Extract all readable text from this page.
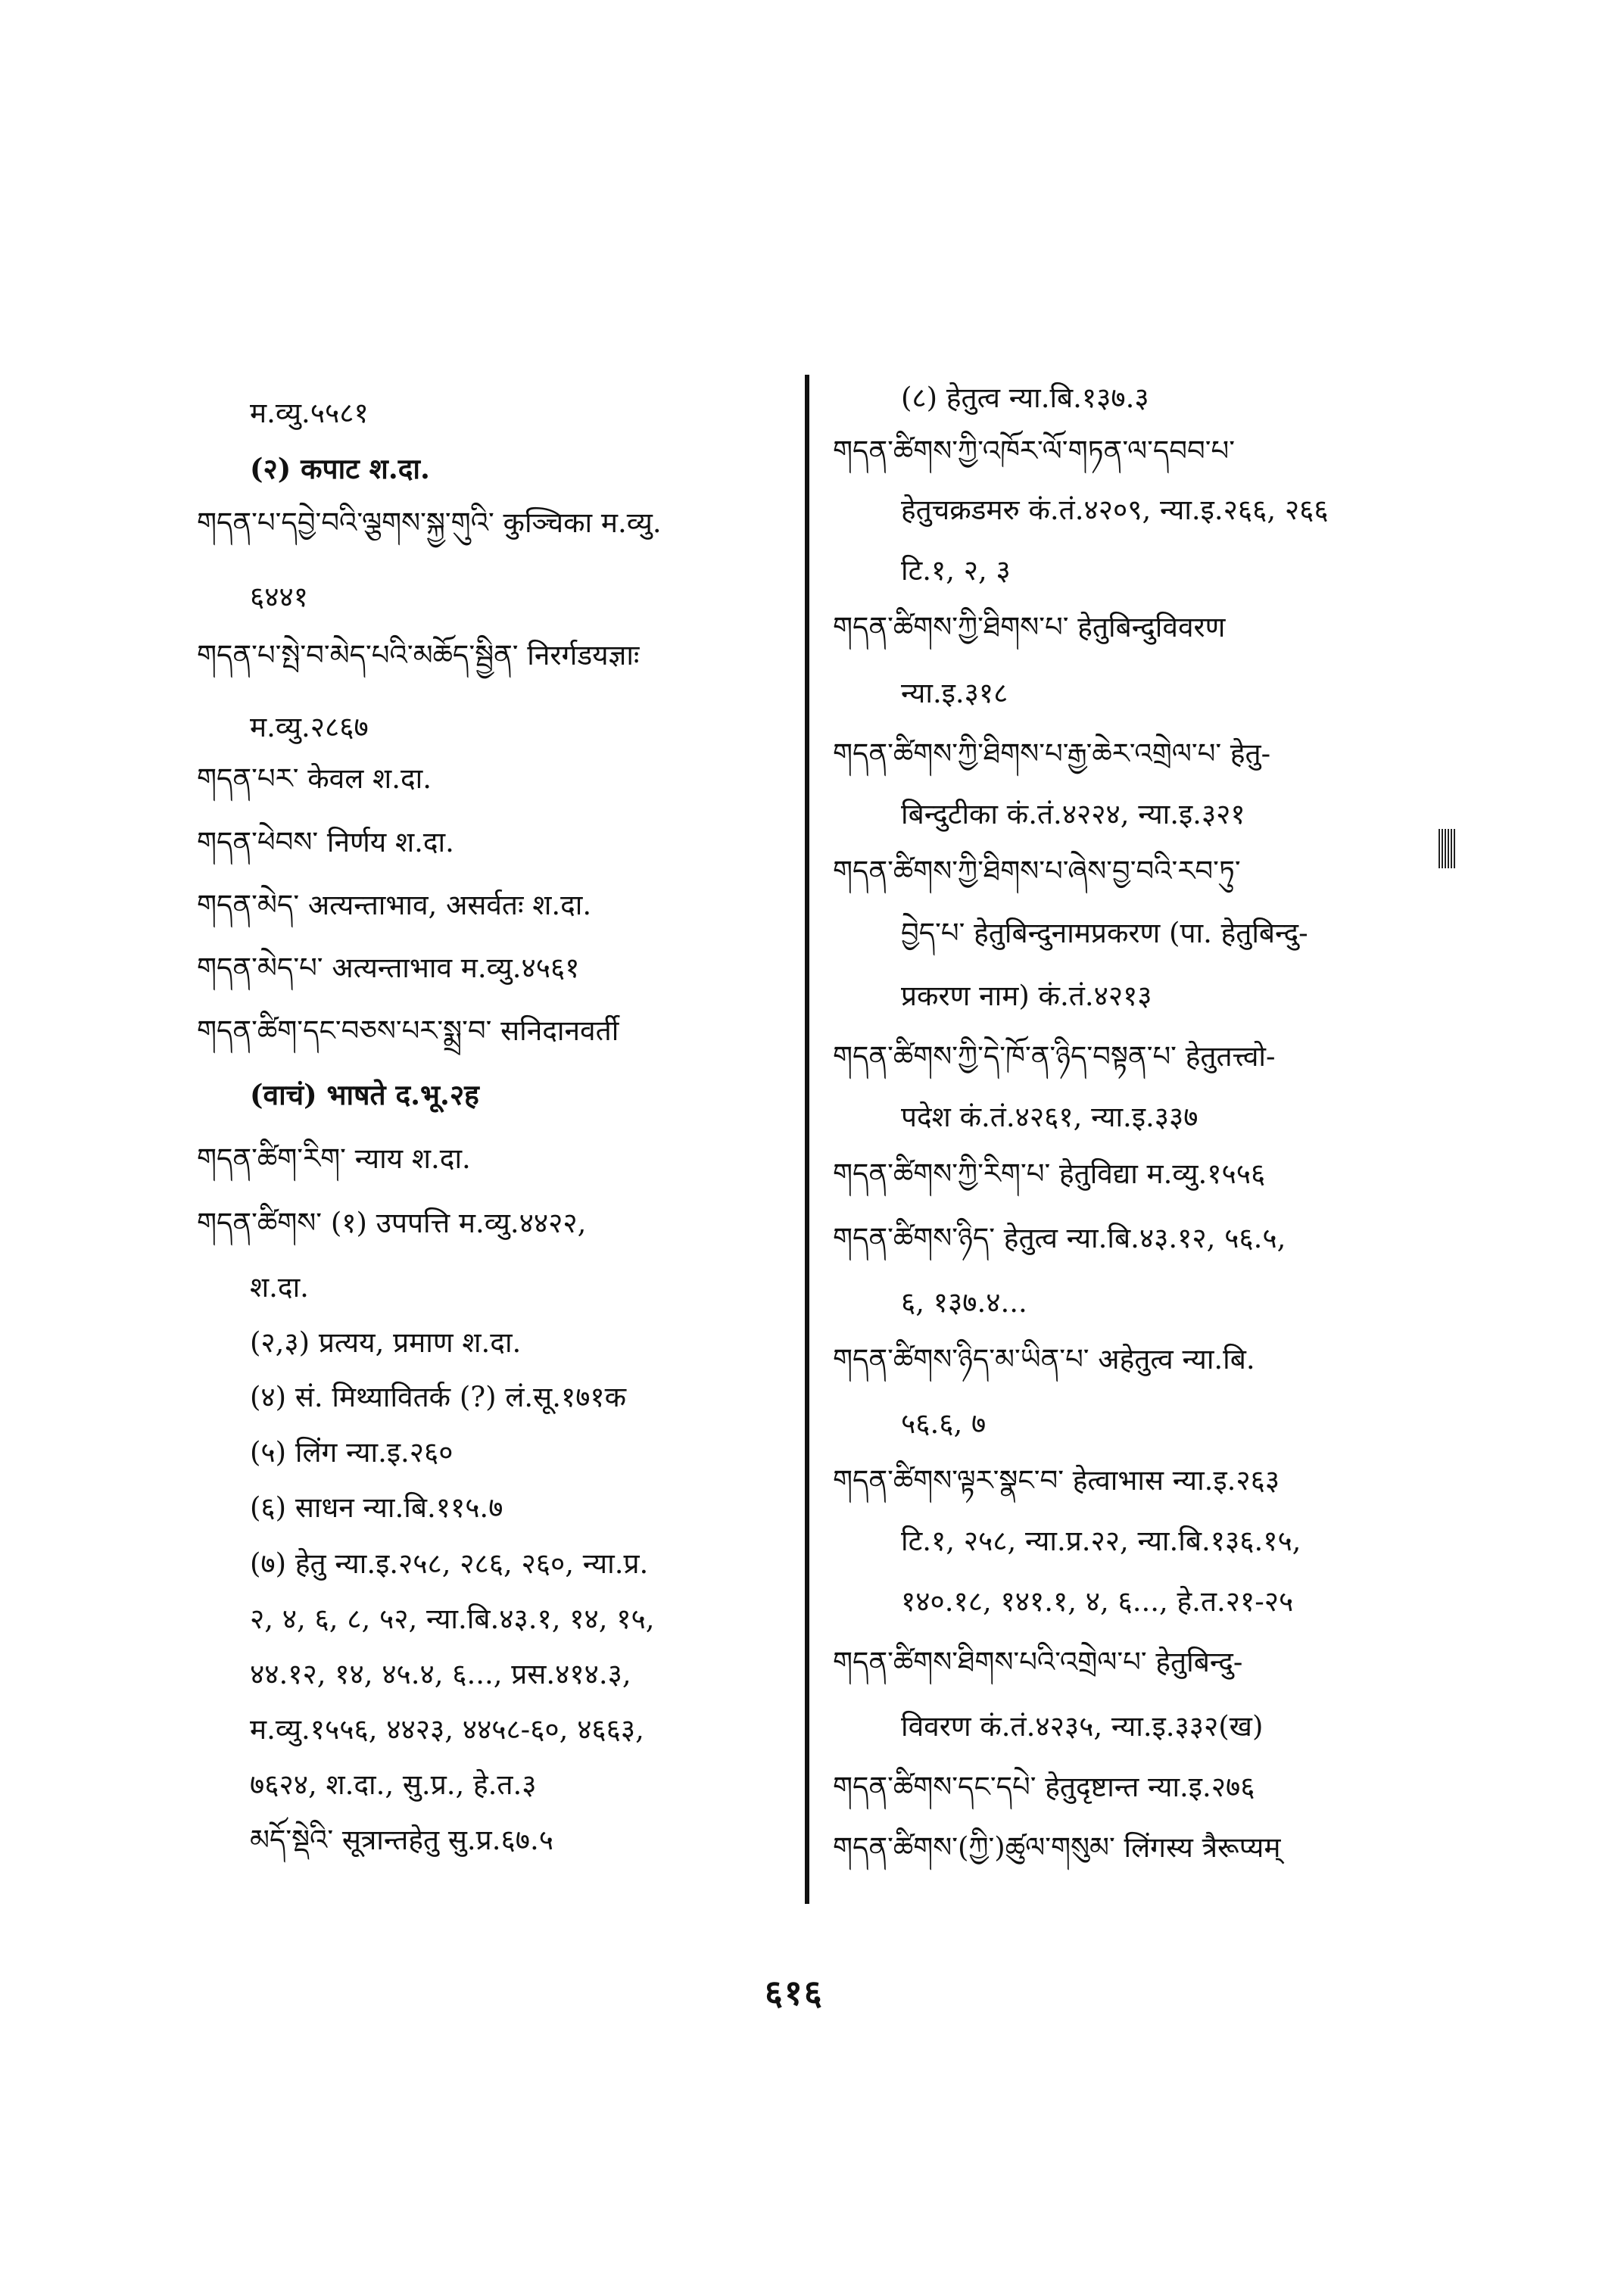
म.व्यु.५५८१
(२) कपाट श.दा.
གདན་པ་དབྱེ་བའི་ལྕགས་སྐྱ་གུའི་ कुञ्चिका म.व्यु.
६४४१
གདན་པ་སྤེ་བ་མེད་པའི་མཆོད་སྦྱིན་ निरर्गडयज्ञाः
म.व्यु.२८६७
གདན་པར་ केवल श.दा.
གདན་ཕེབས་ निर्णय श.दा.
གདན་མེད་ अत्यन्ताभाव, असर्वतः श.दा.
གདན་མེད་པ་ अत्यन्ताभाव म.व्यु.४५६१
གདན་ཚིག་དང་བཅས་པར་སྨྲ་བ་ सनिदानवर्ती
(वाचं) भाषते द.भू.२ह
གདན་ཚིག་རིག་ न्याय श.दा.
གདན་ཚིགས་ (१) उपपत्ति म.व्यु.४४२२,
श.दा.
(२,३) प्रत्यय, प्रमाण श.दा.
(४) सं. मिथ्यावितर्क (?) लं.सू.१७१क
(५) लिंग न्या.इ.२६०
(६) साधन न्या.बि.११५.७
(७) हेतु न्या.इ.२५८, २८६, २६०, न्या.प्र.
२, ४, ६, ८, ५२, न्या.बि.४३.१, १४, १५,
४४.१२, १४, ४५.४, ६..., प्रस.४१४.३,
म.व्यु.१५५६, ४४२३, ४४५८-६०, ४६६३,
७६२४, श.दा., सु.प्र., हे.त.३
མདོ་སྡེའི་ सूत्रान्तहेतु सु.प्र.६७.५
(८) हेतुत्व न्या.बि.१३७.३
གདན་ཚིགས་ཀྱི་འཁོར་ལོ་གཏན་ལ་དབབ་པ་
हेतुचक्रडमरु कं.तं.४२०९, न्या.इ.२६६, २६६
टि.१, २, ३
གདན་ཚིགས་ཀྱི་ཐིགས་པ་ हेतुबिन्दुविवरण
न्या.इ.३१८
གདན་ཚིགས་ཀྱི་ཐིགས་པ་རྒྱ་ཆེར་འགྲེལ་པ་ हेतु-
बिन्दुटीका कं.तं.४२२४, न्या.इ.३२१
གདན་ཚིགས་ཀྱི་ཐིགས་པ་ཞེས་བྱ་བའི་རབ་ཏུ་
བྱེད་པ་ हेतुबिन्दुनामप्रकरण (पा. हेतुबिन्दु-
प्रकरण नाम) कं.तं.४२१३
གདན་ཚིགས་ཀྱི་དེ་ཁོ་ན་ཉིད་བསྟན་པ་ हेतुतत्त्वो-
पदेश कं.तं.४२६१, न्या.इ.३३७
གདན་ཚིགས་ཀྱི་རིག་པ་ हेतुविद्या म.व्यु.१५५६
གདན་ཚིགས་ཉིད་ हेतुत्व न्या.बि.४३.१२, ५६.५,
६, १३७.४...
གདན་ཚིགས་ཉིད་མ་ཡིན་པ་ अहेतुत्व न्या.बि.
५६.६, ७
གདན་ཚིགས་ལྟར་སྣང་བ་ हेत्वाभास न्या.इ.२६३
टि.१, २५८, न्या.प्र.२२, न्या.बि.१३६.१५,
१४०.१८, १४१.१, ४, ६..., हे.त.२१-२५
གདན་ཚིགས་ཐིགས་པའི་འགྲེལ་པ་ हेतुबिन्दु-
विवरण कं.तं.४२३५, न्या.इ.३३२(ख)
གདན་ཚིགས་དང་དཔེ་ हेतुदृष्टान्त न्या.इ.२७६
གདན་ཚིགས་(ཀྱི་)ཚུལ་གསུམ་ लिंगस्य त्रैरूप्यम्
६१६
